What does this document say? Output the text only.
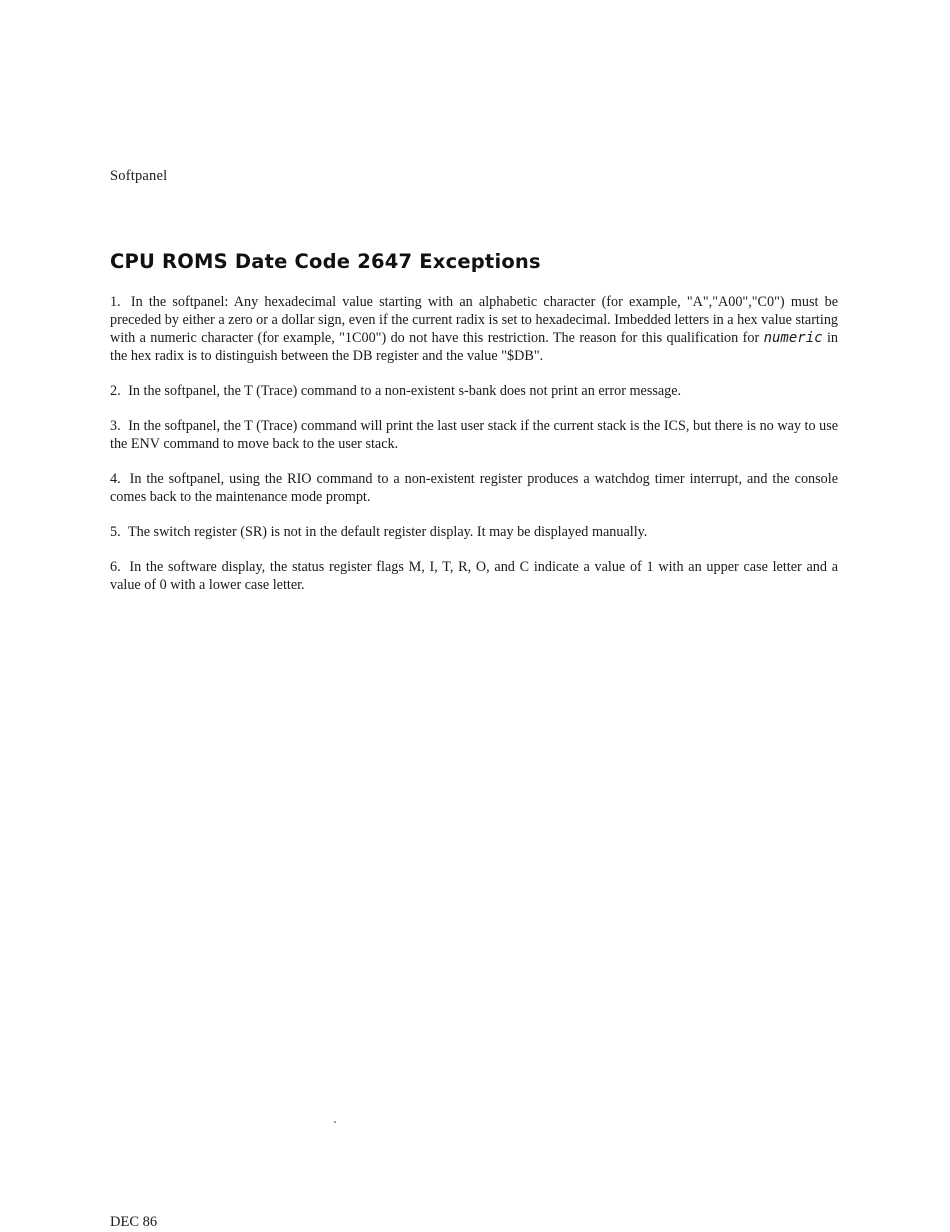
Softpanel
CPU ROMS Date Code 2647 Exceptions
1. In the softpanel: Any hexadecimal value starting with an alphabetic character (for example, "A","A00","C0") must be preceded by either a zero or a dollar sign, even if the current radix is set to hexadecimal. Imbedded letters in a hex value starting with a numeric character (for example, "1C00") do not have this restriction. The reason for this qualification for numeric in the hex radix is to distinguish between the DB register and the value "$DB".
2. In the softpanel, the T (Trace) command to a non-existent s-bank does not print an error message.
3. In the softpanel, the T (Trace) command will print the last user stack if the current stack is the ICS, but there is no way to use the ENV command to move back to the user stack.
4. In the softpanel, using the RIO command to a non-existent register produces a watchdog timer interrupt, and the console comes back to the maintenance mode prompt.
5. The switch register (SR) is not in the default register display. It may be displayed manually.
6. In the software display, the status register flags M, I, T, R, O, and C indicate a value of 1 with an upper case letter and a value of 0 with a lower case letter.
DEC 86
